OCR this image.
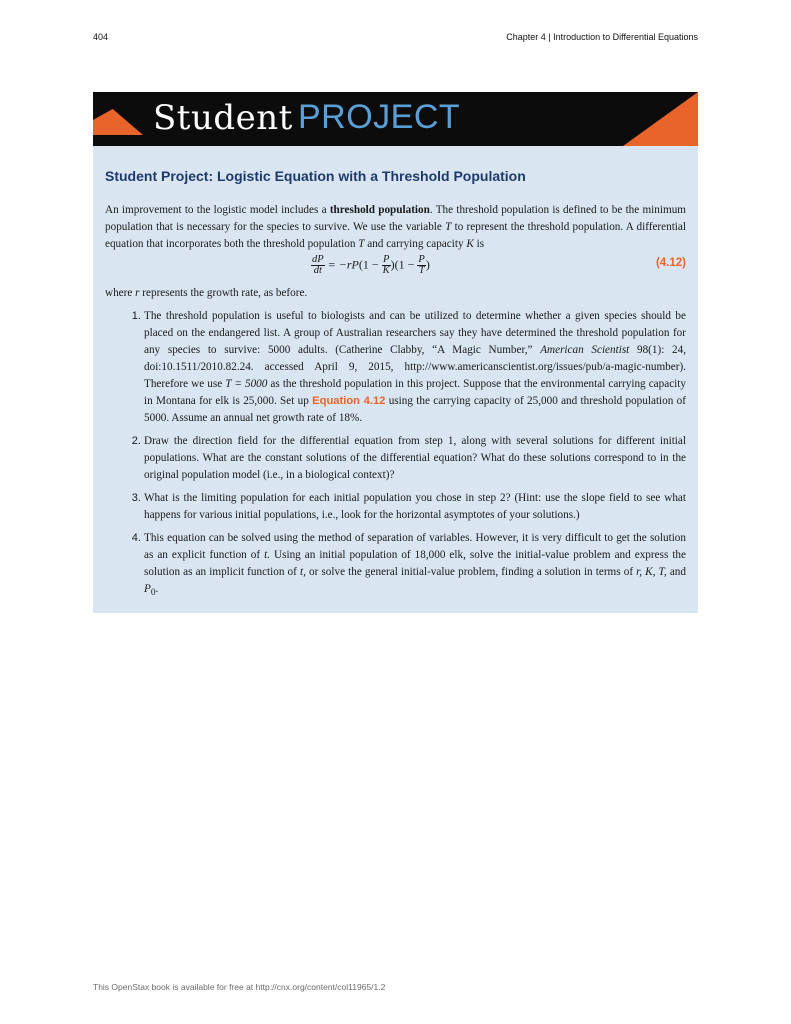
404	Chapter 4 | Introduction to Differential Equations
Student PROJECT
Student Project: Logistic Equation with a Threshold Population

An improvement to the logistic model includes a threshold population. The threshold population is defined to be the minimum population that is necessary for the species to survive. We use the variable T to represent the threshold population. A differential equation that incorporates both the threshold population T and carrying capacity K is

$\frac{dP}{dt} = -rP(1 - \frac{P}{K} )(1 - \frac{P}{T}$ )	(4.12)

where r represents the growth rate, as before.

1. The threshold population is useful to biologists and can be utilized to determine whether a given species should be placed on the endangered list. A group of Australian researchers say they have determined the threshold population for any species to survive: 5000 adults. (Catherine Clabby, “A Magic Number,” American Scientist 98(1): 24, doi:10.1511/2010.82.24. accessed April 9, 2015, http://www.americanscientist.org/issues/pub/a-magic-number). Therefore we use T = 5000 as the threshold population in this project. Suppose that the environmental carrying capacity in Montana for elk is 25,000. Set up Equation 4.12 using the carrying capacity of 25,000 and threshold population of 5000. Assume an annual net growth rate of 18%.
2. Draw the direction field for the differential equation from step 1, along with several solutions for different initial populations. What are the constant solutions of the differential equation? What do these solutions correspond to in the original population model (i.e., in a biological context)?
3. What is the limiting population for each initial population you chose in step 2? (Hint: use the slope field to see what happens for various initial populations, i.e., look for the horizontal asymptotes of your solutions.)
4. This equation can be solved using the method of separation of variables. However, it is very difficult to get the solution as an explicit function of t. Using an initial population of 18,000 elk, solve the initial-value problem and express the solution as an implicit function of t, or solve the general initial-value problem, finding a solution in terms of r, K, T, and $P_0$.
This OpenStax book is available for free at http://cnx.org/content/col11965/1.2
